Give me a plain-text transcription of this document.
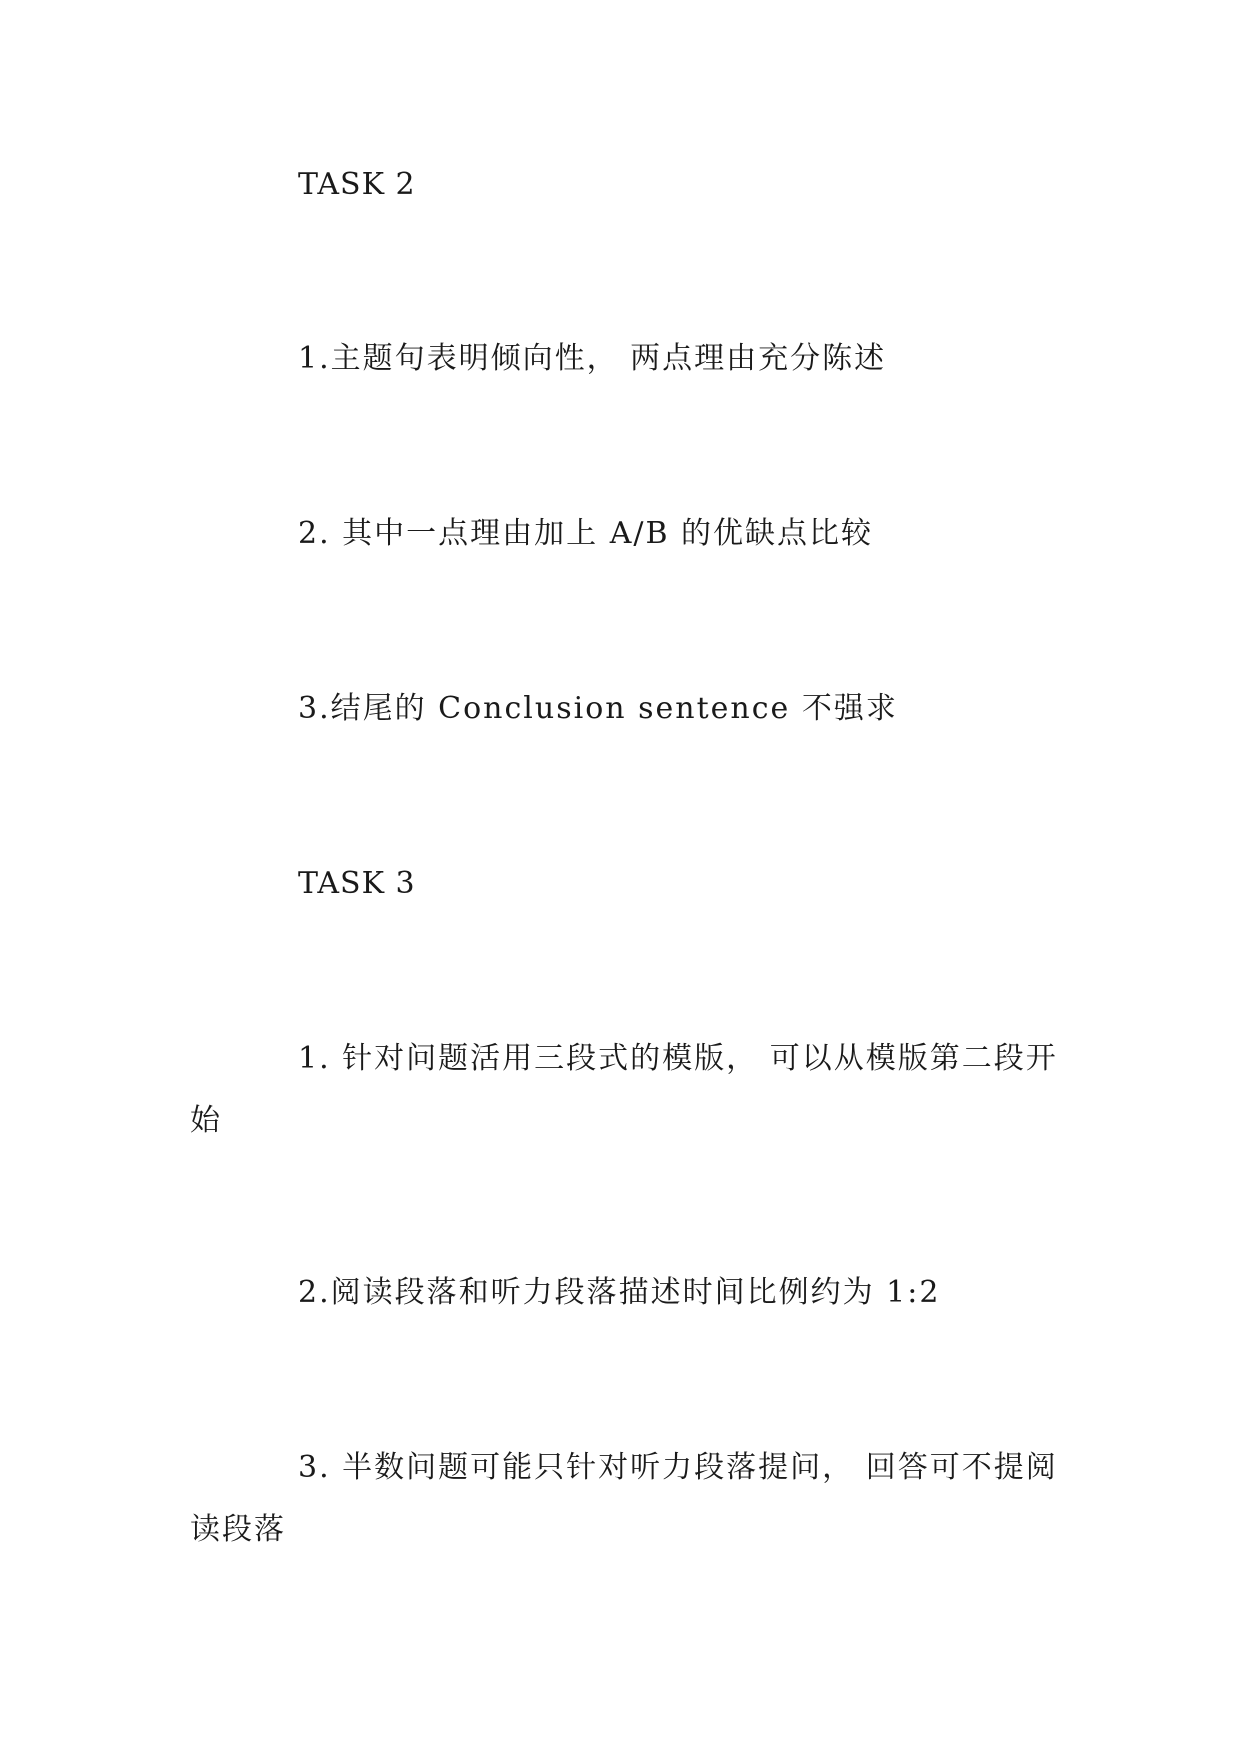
TASK 2

1.主题句表明倾向性， 两点理由充分陈述

2. 其中一点理由加上 A/B 的优缺点比较

3.结尾的 Conclusion sentence 不强求

TASK 3

1. 针对问题活用三段式的模版， 可以从模版第二段开始

2.阅读段落和听力段落描述时间比例约为 1:2

3. 半数问题可能只针对听力段落提问， 回答可不提阅读段落
